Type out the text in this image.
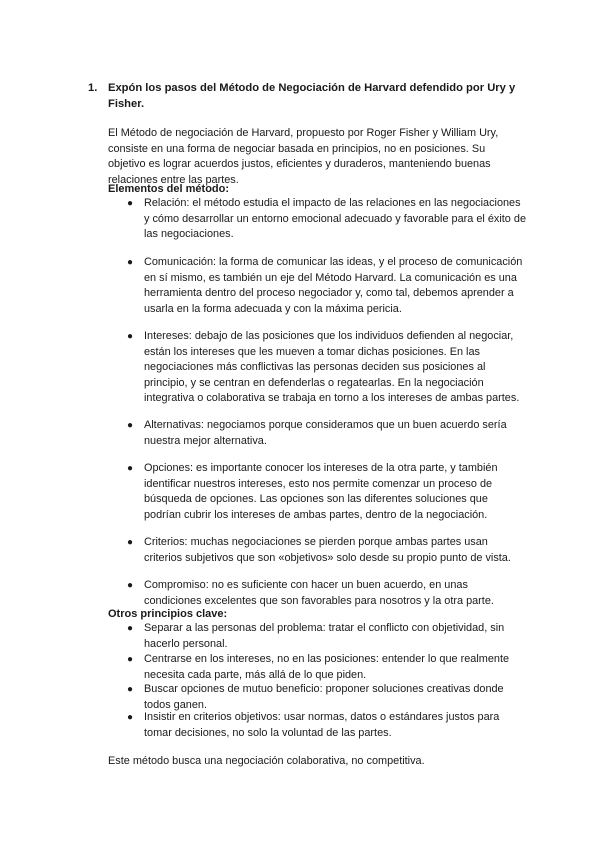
1. Expón los pasos del Método de Negociación de Harvard defendido por Ury y Fisher.
El Método de negociación de Harvard, propuesto por Roger Fisher y William Ury, consiste en una forma de negociar basada en principios, no en posiciones. Su objetivo es lograr acuerdos justos, eficientes y duraderos, manteniendo buenas relaciones entre las partes.
Elementos del método:
● Relación: el método estudia el impacto de las relaciones en las negociaciones y cómo desarrollar un entorno emocional adecuado y favorable para el éxito de las negociaciones.
● Comunicación: la forma de comunicar las ideas, y el proceso de comunicación en sí mismo, es también un eje del Método Harvard. La comunicación es una herramienta dentro del proceso negociador y, como tal, debemos aprender a usarla en la forma adecuada y con la máxima pericia.
● Intereses: debajo de las posiciones que los individuos defienden al negociar, están los intereses que les mueven a tomar dichas posiciones. En las negociaciones más conflictivas las personas deciden sus posiciones al principio, y se centran en defenderlas o regatearlas. En la negociación integrativa o colaborativa se trabaja en torno a los intereses de ambas partes.
● Alternativas: negociamos porque consideramos que un buen acuerdo sería nuestra mejor alternativa.
● Opciones: es importante conocer los intereses de la otra parte, y también identificar nuestros intereses, esto nos permite comenzar un proceso de búsqueda de opciones. Las opciones son las diferentes soluciones que podrían cubrir los intereses de ambas partes, dentro de la negociación.
● Criterios: muchas negociaciones se pierden porque ambas partes usan criterios subjetivos que son «objetivos» solo desde su propio punto de vista.
● Compromiso: no es suficiente con hacer un buen acuerdo, en unas condiciones excelentes que son favorables para nosotros y la otra parte.
Otros principios clave:
● Separar a las personas del problema: tratar el conflicto con objetividad, sin hacerlo personal.
● Centrarse en los intereses, no en las posiciones: entender lo que realmente necesita cada parte, más allá de lo que piden.
● Buscar opciones de mutuo beneficio: proponer soluciones creativas donde todos ganen.
● Insistir en criterios objetivos: usar normas, datos o estándares justos para tomar decisiones, no solo la voluntad de las partes.
Este método busca una negociación colaborativa, no competitiva.
